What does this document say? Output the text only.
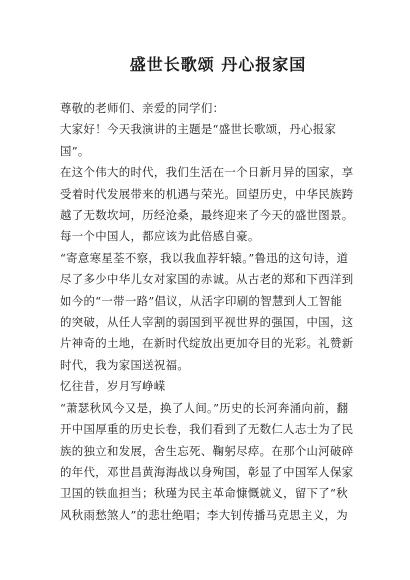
盛世长歌颂 丹心报家国

尊敬的老师们、亲爱的同学们：

大家好！今天我演讲的主题是“盛世长歌颂，丹心报家
国”。

在这个伟大的时代，我们生活在一个日新月异的国家，享
受着时代发展带来的机遇与荣光。回望历史，中华民族跨
越了无数坎坷，历经沧桑，最终迎来了今天的盛世图景。
每一个中国人，都应该为此倍感自豪。

“寄意寒星荃不察，我以我血荐轩辕。”鲁迅的这句诗，道
尽了多少中华儿女对家国的赤诚。从古老的郑和下西洋到
如今的“一带一路”倡议，从活字印刷的智慧到人工智能
的突破，从任人宰割的弱国到平视世界的强国，中国，这
片神奇的土地，在新时代绽放出更加夺目的光彩。礼赞新
时代，我为家国送祝福。

忆往昔，岁月写峥嵘

“萧瑟秋风今又是，换了人间。”历史的长河奔涌向前，翻
开中国厚重的历史长卷，我们看到了无数仁人志士为了民
族的独立和发展，舍生忘死、鞠躬尽瘁。在那个山河破碎
的年代，邓世昌黄海海战以身殉国，彰显了中国军人保家
卫国的铁血担当；秋瑾为民主革命慷慨就义，留下了“秋
风秋雨愁煞人”的悲壮绝唱；李大钊传播马克思主义，为
